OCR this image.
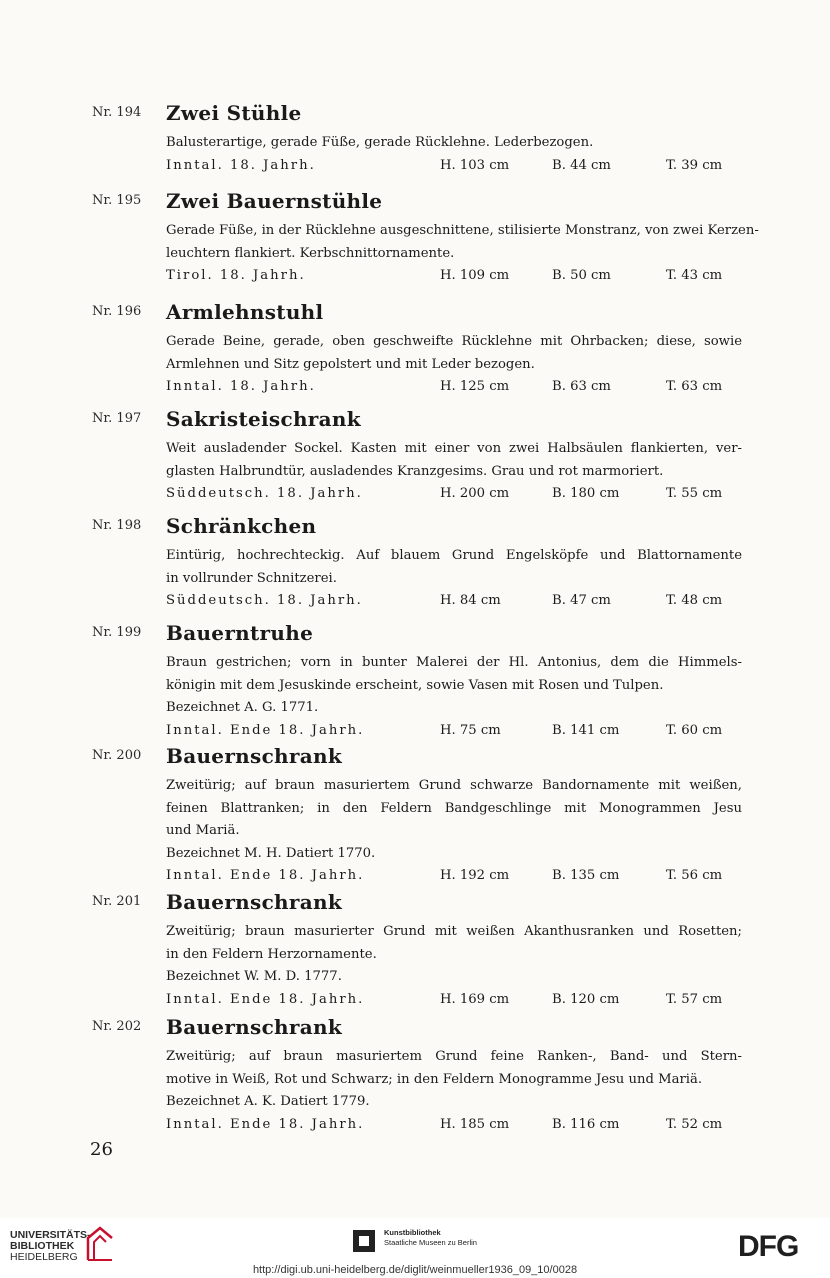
Nr. 194 Zwei Stühle
Balusterartige, gerade Füße, gerade Rücklehne. Lederbezogen.
Inntal. 18. Jahrh.	H. 103 cm	B. 44 cm	T. 39 cm
Nr. 195 Zwei Bauernstühle
Gerade Füße, in der Rücklehne ausgeschnittene, stilisierte Monstranz, von zwei Kerzen-
leuchtern flankiert. Kerbschnittornamente.
Tirol. 18. Jahrh.	H. 109 cm	B. 50 cm	T. 43 cm
Nr. 196 Armlehnstuhl
Gerade Beine, gerade, oben geschweifte Rücklehne mit Ohrbacken; diese, sowie
Armlehnen und Sitz gepolstert und mit Leder bezogen.
Inntal. 18. Jahrh.	H. 125 cm	B. 63 cm	T. 63 cm
Nr. 197 Sakristeischrank
Weit ausladender Sockel. Kasten mit einer von zwei Halbsäulen flankierten, ver-
glasten Halbrundtür, ausladendes Kranzgesims. Grau und rot marmoriert.
Süddeutsch. 18. Jahrh.	H. 200 cm	B. 180 cm	T. 55 cm
Nr. 198 Schränkchen
Eintürig, hochrechteckig. Auf blauem Grund Engelsköpfe und Blattornamente
in vollrunder Schnitzerei.
Süddeutsch. 18. Jahrh.	H. 84 cm	B. 47 cm	T. 48 cm
Nr. 199 Bauerntruhe
Braun gestrichen; vorn in bunter Malerei der Hl. Antonius, dem die Himmels-
königin mit dem Jesuskinde erscheint, sowie Vasen mit Rosen und Tulpen.
Bezeichnet A. G. 1771.
Inntal. Ende 18. Jahrh.	H. 75 cm	B. 141 cm	T. 60 cm
Nr. 200 Bauernschrank
Zweitürig; auf braun masuriertem Grund schwarze Bandornamente mit weißen,
feinen Blattranken; in den Feldern Bandgeschlinge mit Monogrammen Jesu
und Mariä.
Bezeichnet M. H. Datiert 1770.
Inntal. Ende 18. Jahrh.	H. 192 cm	B. 135 cm	T. 56 cm
Nr. 201 Bauernschrank
Zweitürig; braun masurierter Grund mit weißen Akanthusranken und Rosetten;
in den Feldern Herzornamente.
Bezeichnet W. M. D. 1777.
Inntal. Ende 18. Jahrh.	H. 169 cm	B. 120 cm	T. 57 cm
Nr. 202 Bauernschrank
Zweitürig; auf braun masuriertem Grund feine Ranken-, Band- und Stern-
motive in Weiß, Rot und Schwarz; in den Feldern Monogramme Jesu und Mariä.
Bezeichnet A. K. Datiert 1779.
Inntal. Ende 18. Jahrh.	H. 185 cm	B. 116 cm	T. 52 cm
26
UNIVERSITÄTS-
BIBLIOTHEK
HEIDELBERG
Kunstbibliothek
Staatliche Museen zu Berlin	DFG
http://digi.ub.uni-heidelberg.de/diglit/weinmueller1936_09_10/0028
